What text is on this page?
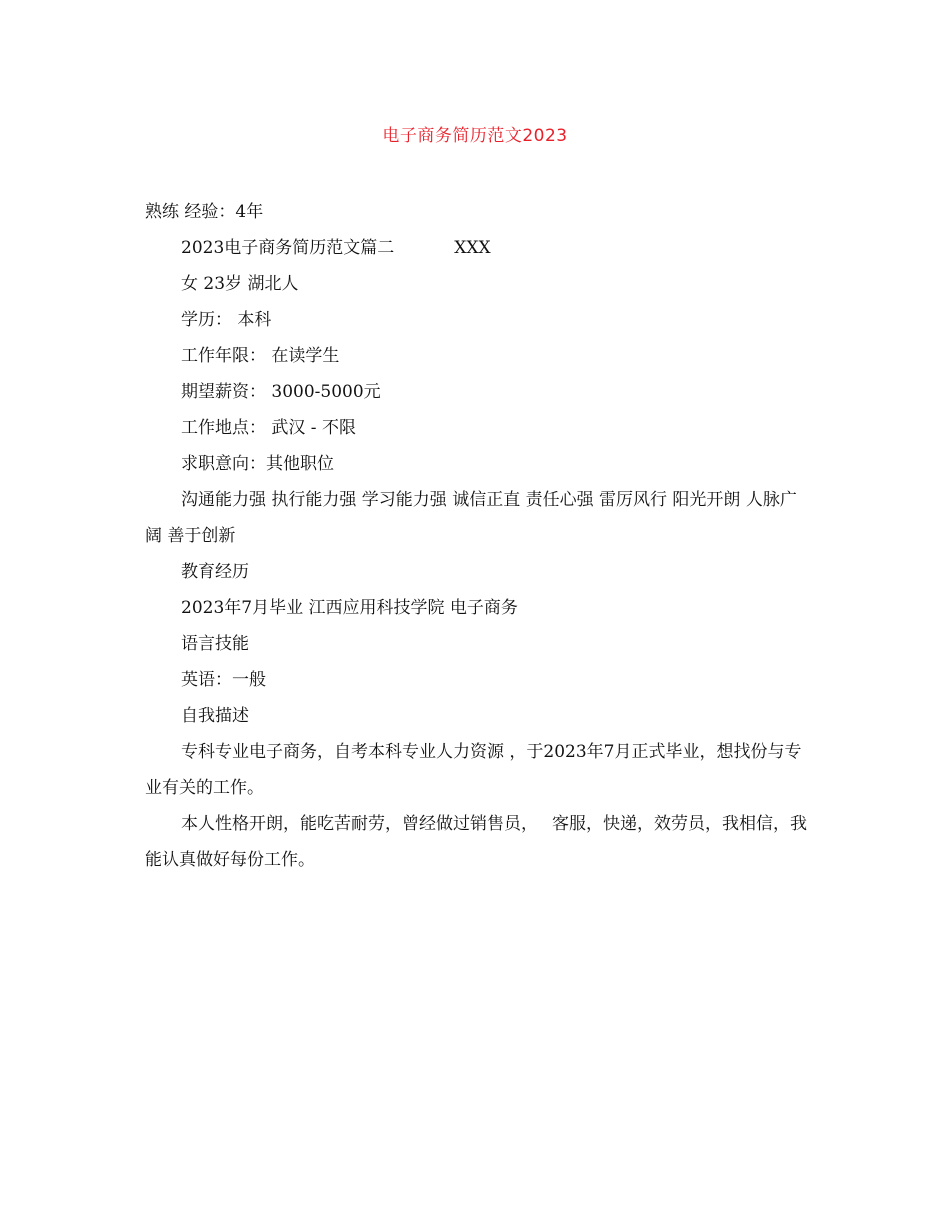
电子商务简历范文2023

熟练 经验：4年

2023电子商务简历范文篇二	XXX

女 23岁 湖北人

学历： 本科

工作年限： 在读学生

期望薪资： 3000-5000元

工作地点： 武汉 - 不限

求职意向：其他职位

沟通能力强 执行能力强 学习能力强 诚信正直 责任心强 雷厉风行 阳光开朗 人脉广阔 善于创新

教育经历

2023年7月毕业 江西应用科技学院 电子商务

语言技能

英语：一般

自我描述

专科专业电子商务，自考本科专业人力资源 ，于2023年7月正式毕业，想找份与专业有关的工作。

本人性格开朗，能吃苦耐劳，曾经做过销售员， 客服，快递，效劳员，我相信，我能认真做好每份工作。
